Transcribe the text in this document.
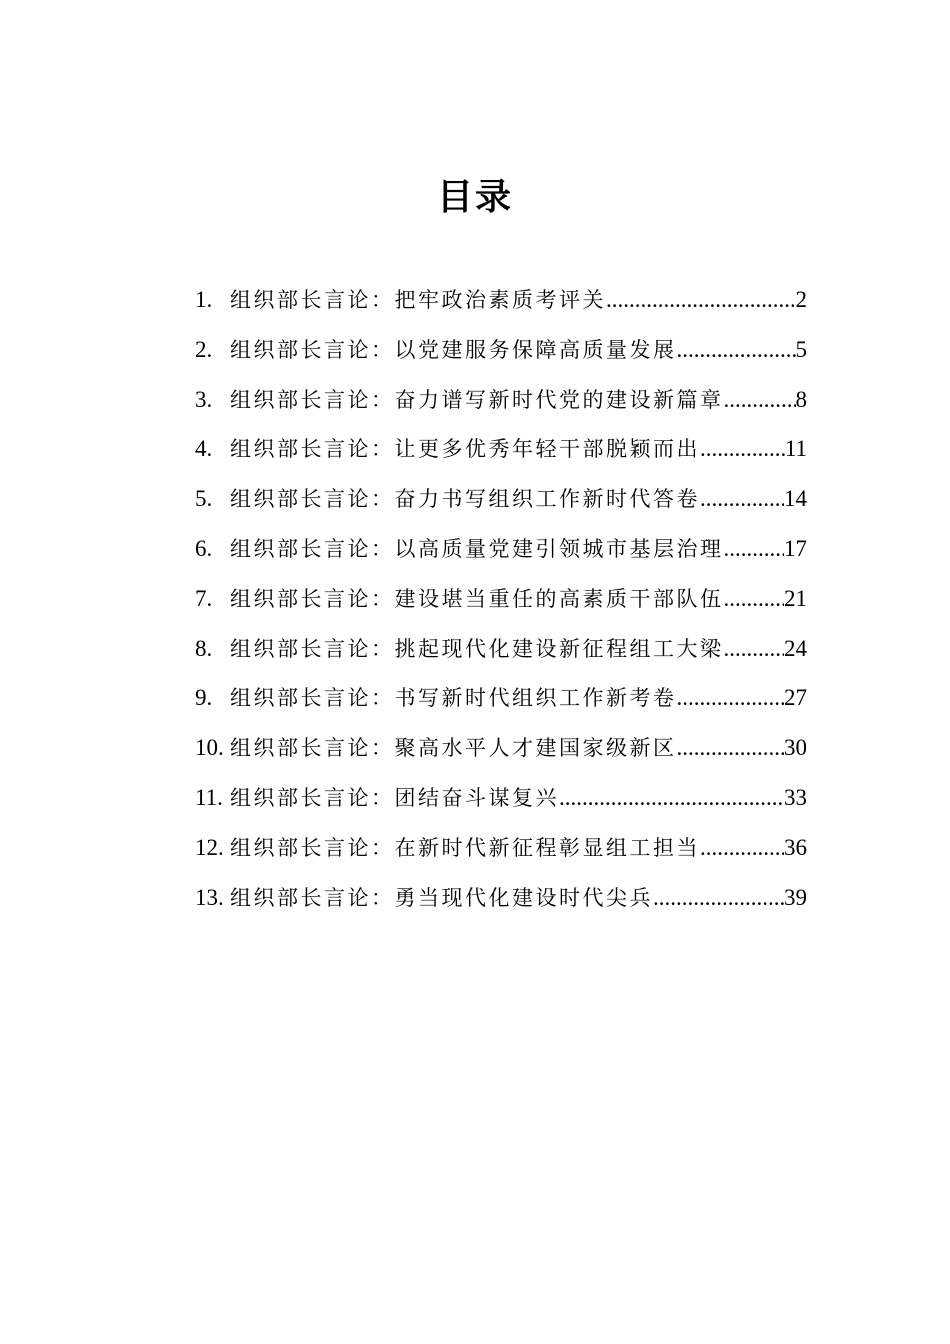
目录
1. 组织部长言论：把牢政治素质考评关 .....	2
2. 组织部长言论：以党建服务保障高质量发展 .....	5
3. 组织部长言论：奋力谱写新时代党的建设新篇章 .....	8
4. 组织部长言论：让更多优秀年轻干部脱颖而出 .....	11
5. 组织部长言论：奋力书写组织工作新时代答卷 .....	14
6. 组织部长言论：以高质量党建引领城市基层治理 .....	17
7. 组织部长言论：建设堪当重任的高素质干部队伍 .....	21
8. 组织部长言论：挑起现代化建设新征程组工大梁 .....	24
9. 组织部长言论：书写新时代组织工作新考卷 .....	27
10. 组织部长言论：聚高水平人才建国家级新区 .....	30
11. 组织部长言论：团结奋斗谋复兴 .....	33
12. 组织部长言论：在新时代新征程彰显组工担当 .....	36
13. 组织部长言论：勇当现代化建设时代尖兵 .....	39
